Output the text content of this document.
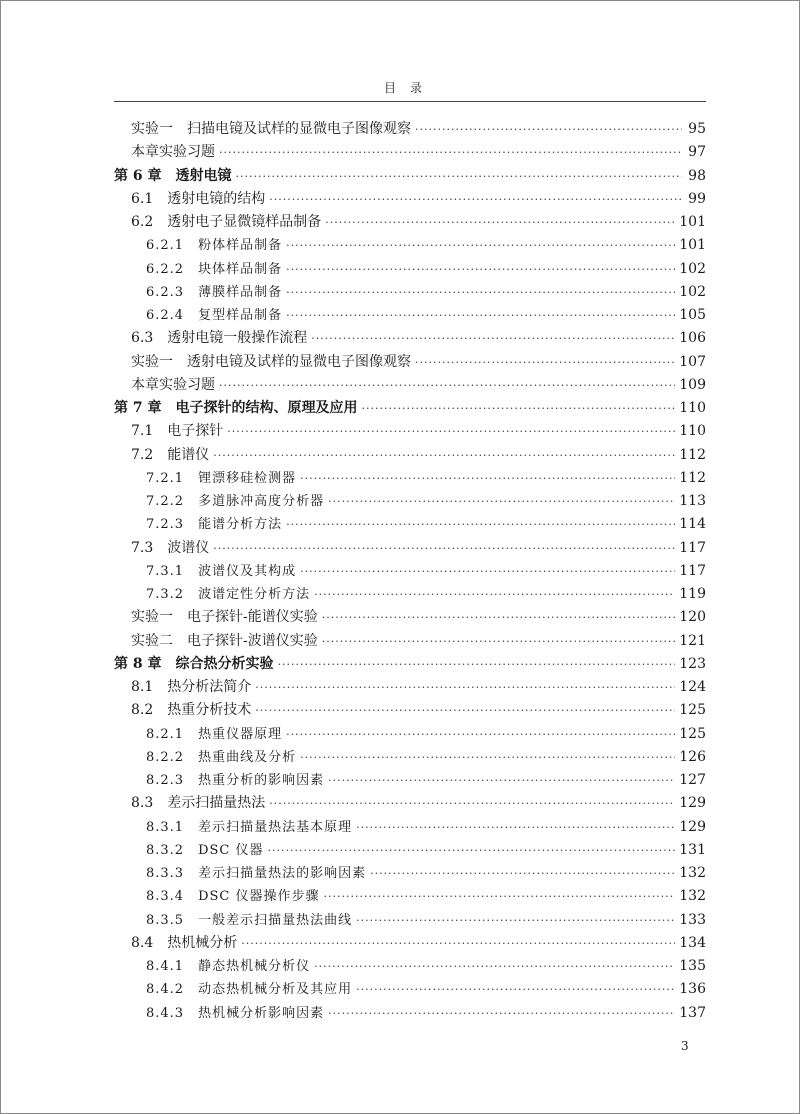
目录
实验一 扫描电镜及试样的显微电子图像观察 ·····	95
本章实验习题 ·····	97
第 6 章 透射电镜 ·····	98
6.1 透射电镜的结构 ·····	99
6.2 透射电子显微镜样品制备 ·····	101
6.2.1 粉体样品制备 ·····	101
6.2.2 块体样品制备 ·····	102
6.2.3 薄膜样品制备 ·····	102
6.2.4 复型样品制备 ·····	105
6.3 透射电镜一般操作流程 ·····	106
实验一 透射电镜及试样的显微电子图像观察 ·····	107
本章实验习题 ·····	109
第 7 章 电子探针的结构、原理及应用 ·····	110
7.1 电子探针 ·····	110
7.2 能谱仪 ·····	112
7.2.1 锂漂移硅检测器 ·····	112
7.2.2 多道脉冲高度分析器 ·····	113
7.2.3 能谱分析方法 ·····	114
7.3 波谱仪 ·····	117
7.3.1 波谱仪及其构成 ·····	117
7.3.2 波谱定性分析方法 ·····	119
实验一 电子探针-能谱仪实验 ·····	120
实验二 电子探针-波谱仪实验 ·····	121
第 8 章 综合热分析实验 ·····	123
8.1 热分析法简介 ·····	124
8.2 热重分析技术 ·····	125
8.2.1 热重仪器原理 ·····	125
8.2.2 热重曲线及分析 ·····	126
8.2.3 热重分析的影响因素 ·····	127
8.3 差示扫描量热法 ·····	129
8.3.1 差示扫描量热法基本原理 ·····	129
8.3.2 DSC 仪器 ·····	131
8.3.3 差示扫描量热法的影响因素 ·····	132
8.3.4 DSC 仪器操作步骤 ·····	132
8.3.5 一般差示扫描量热法曲线 ·····	133
8.4 热机械分析 ·····	134
8.4.1 静态热机械分析仪 ·····	135
8.4.2 动态热机械分析及其应用 ·····	136
8.4.3 热机械分析影响因素 ·····	137
3
